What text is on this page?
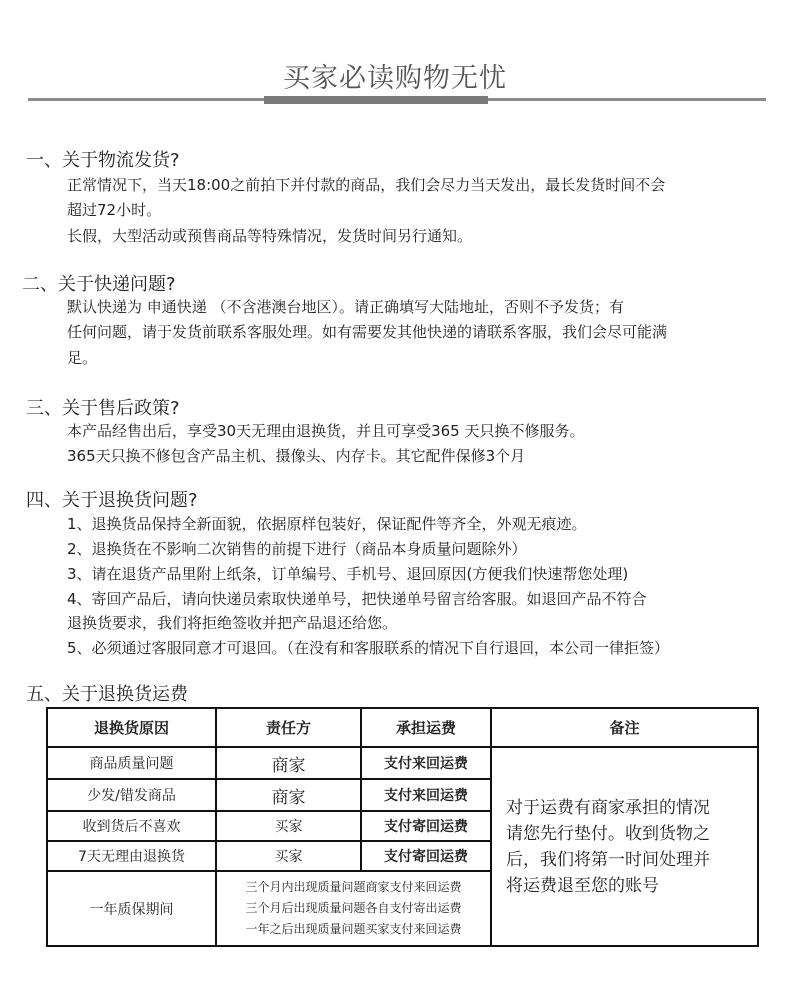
买家必读购物无忧
一、关于物流发货?
正常情况下，当天18:00之前拍下并付款的商品，我们会尽力当天发出，最长发货时间不会
超过72小时。
长假，大型活动或预售商品等特殊情况，发货时间另行通知。
二、关于快递问题?
默认快递为 申通快递 （不含港澳台地区）。请正确填写大陆地址，否则不予发货；有
任何问题，请于发货前联系客服处理。如有需要发其他快递的请联系客服，我们会尽可能满
足。
三、关于售后政策?
本产品经售出后，享受30天无理由退换货，并且可享受365 天只换不修服务。
365天只换不修包含产品主机、摄像头、内存卡。其它配件保修3个月
四、关于退换货问题?
1、退换货品保持全新面貌，依据原样包装好，保证配件等齐全，外观无痕迹。
2、退换货在不影响二次销售的前提下进行（商品本身质量问题除外）
3、请在退货产品里附上纸条，订单编号、手机号、退回原因(方便我们快速帮您处理)
4、寄回产品后，请向快递员索取快递单号，把快递单号留言给客服。如退回产品不符合
退换货要求，我们将拒绝签收并把产品退还给您。
5、必须通过客服同意才可退回。（在没有和客服联系的情况下自行退回，本公司一律拒签）
五、关于退换货运费
退换货原因	责任方	承担运费	备注
商品质量问题	商家	支付来回运费	对于运费有商家承担的情况
请您先行垫付。收到货物之
后，我们将第一时间处理并
将运费退至您的账号

少发/错发商品	商家	支付来回运费	
收到货后不喜欢	买家	支付寄回运费	
7天无理由退换货	买家	支付寄回运费	
一年质保期间	三个月内出现质量问题商家支付来回运费
三个月后出现质量问题各自支付寄出运费
一年之后出现质量问题买家支付来回运费		
